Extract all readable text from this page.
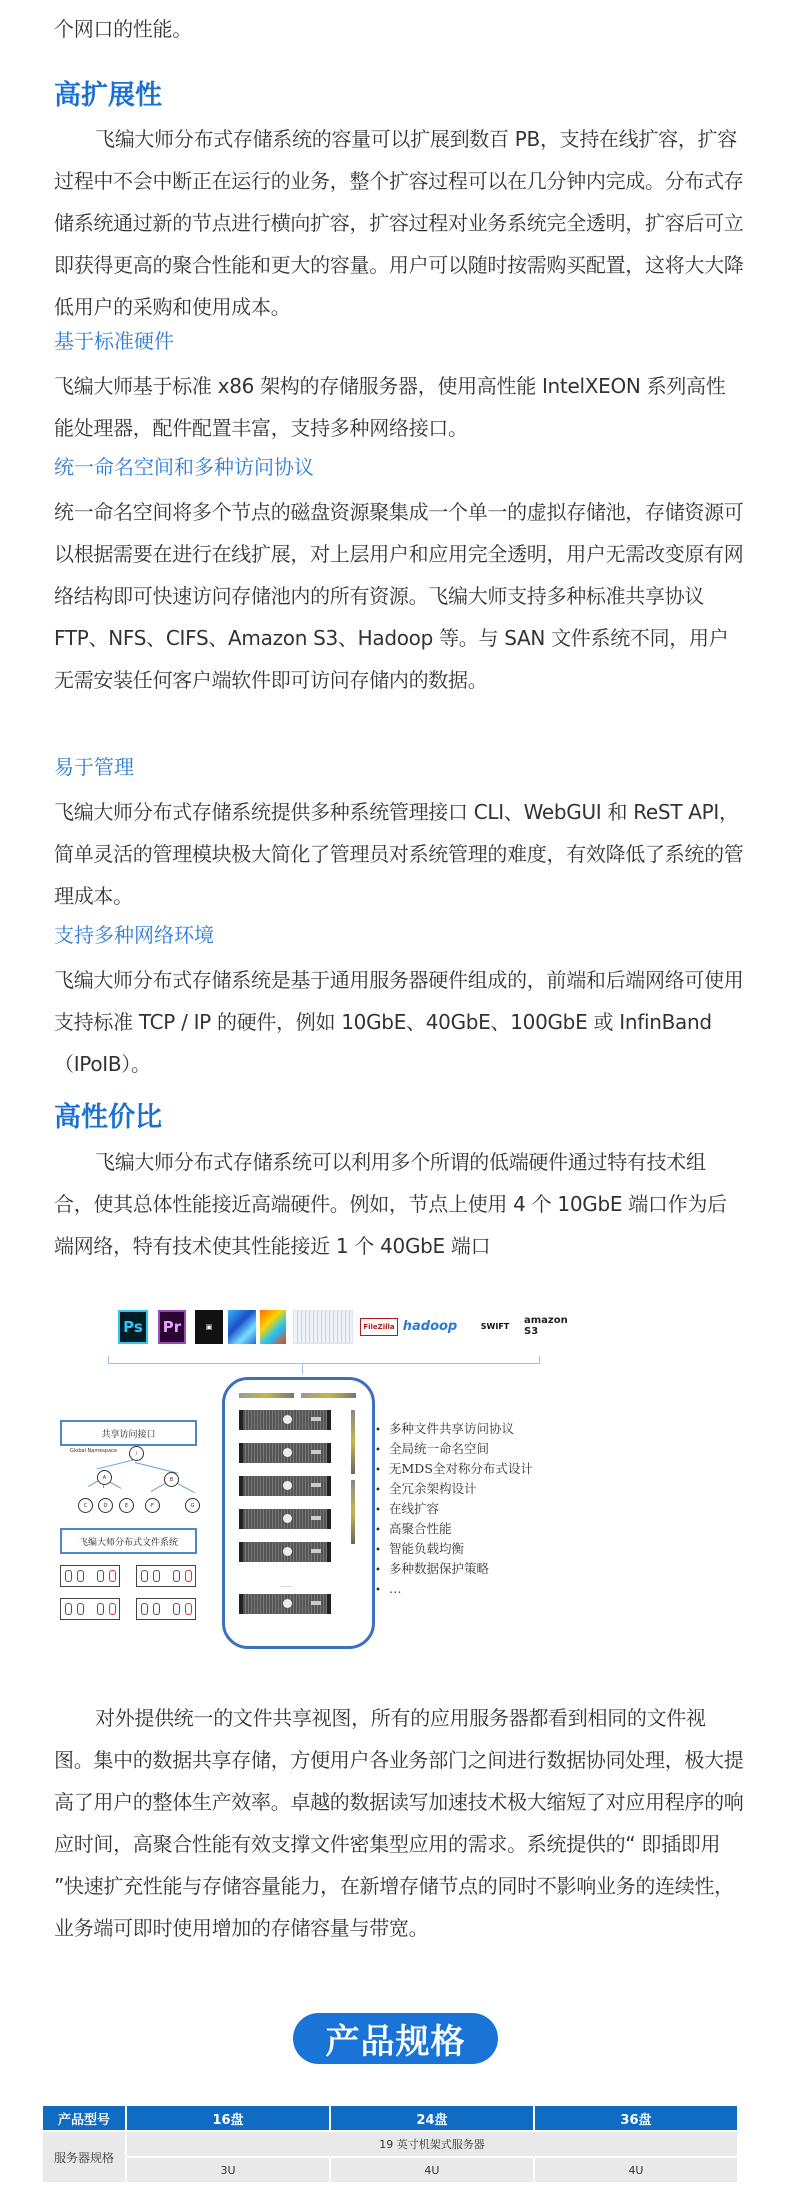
个网口的性能。
高扩展性
飞编大师分布式存储系统的容量可以扩展到数百 PB，支持在线扩容，扩容过程中不会中断正在运行的业务，整个扩容过程可以在几分钟内完成。分布式存储系统通过新的节点进行横向扩容，扩容过程对业务系统完全透明，扩容后可立即获得更高的聚合性能和更大的容量。用户可以随时按需购买配置，这将大大降低用户的采购和使用成本。
基于标准硬件
飞编大师基于标准 x86 架构的存储服务器，使用高性能 IntelXEON 系列高性能处理器，配件配置丰富，支持多种网络接口。
统一命名空间和多种访问协议
统一命名空间将多个节点的磁盘资源聚集成一个单一的虚拟存储池，存储资源可以根据需要在进行在线扩展，对上层用户和应用完全透明，用户无需改变原有网络结构即可快速访问存储池内的所有资源。飞编大师支持多种标准共享协议 FTP、NFS、CIFS、Amazon S3、Hadoop 等。与 SAN 文件系统不同，用户无需安装任何客户端软件即可访问存储内的数据。
易于管理
飞编大师分布式存储系统提供多种系统管理接口 CLI、WebGUI 和 ReST API，简单灵活的管理模块极大简化了管理员对系统管理的难度，有效降低了系统的管理成本。
支持多种网络环境
飞编大师分布式存储系统是基于通用服务器硬件组成的，前端和后端网络可使用支持标准 TCP / IP 的硬件，例如 10GbE、40GbE、100GbE 或 InfinBand（IPoIB）。
高性价比
飞编大师分布式存储系统可以利用多个所谓的低端硬件通过特有技术组合，使其总体性能接近高端硬件。例如，节点上使用 4 个 10GbE 端口作为后端网络，特有技术使其性能接近 1 个 40GbE 端口
Ps	Pr	▣	FileZilla hadoop	SWIFT	amazon S3
共享访问接口
Global Namespace	/
A	B
C	D	E	F	G
飞编大师分布式文件系统
……
• 多种文件共享访问协议
• 全局统一命名空间
• 无MDS全对称分布式设计
• 全冗余架构设计
• 在线扩容
• 高聚合性能
• 智能负载均衡
• 多种数据保护策略
• …
对外提供统一的文件共享视图，所有的应用服务器都看到相同的文件视图。集中的数据共享存储，方便用户各业务部门之间进行数据协同处理，极大提高了用户的整体生产效率。卓越的数据读写加速技术极大缩短了对应用程序的响应时间，高聚合性能有效支撑文件密集型应用的需求。系统提供的“ 即插即用 ”快速扩充性能与存储容量能力，在新增存储节点的同时不影响业务的连续性，业务端可即时使用增加的存储容量与带宽。
产品规格
产品型号	16盘	24盘	36盘
服务器规格	19 英寸机架式服务器		
	3U	4U	4U
